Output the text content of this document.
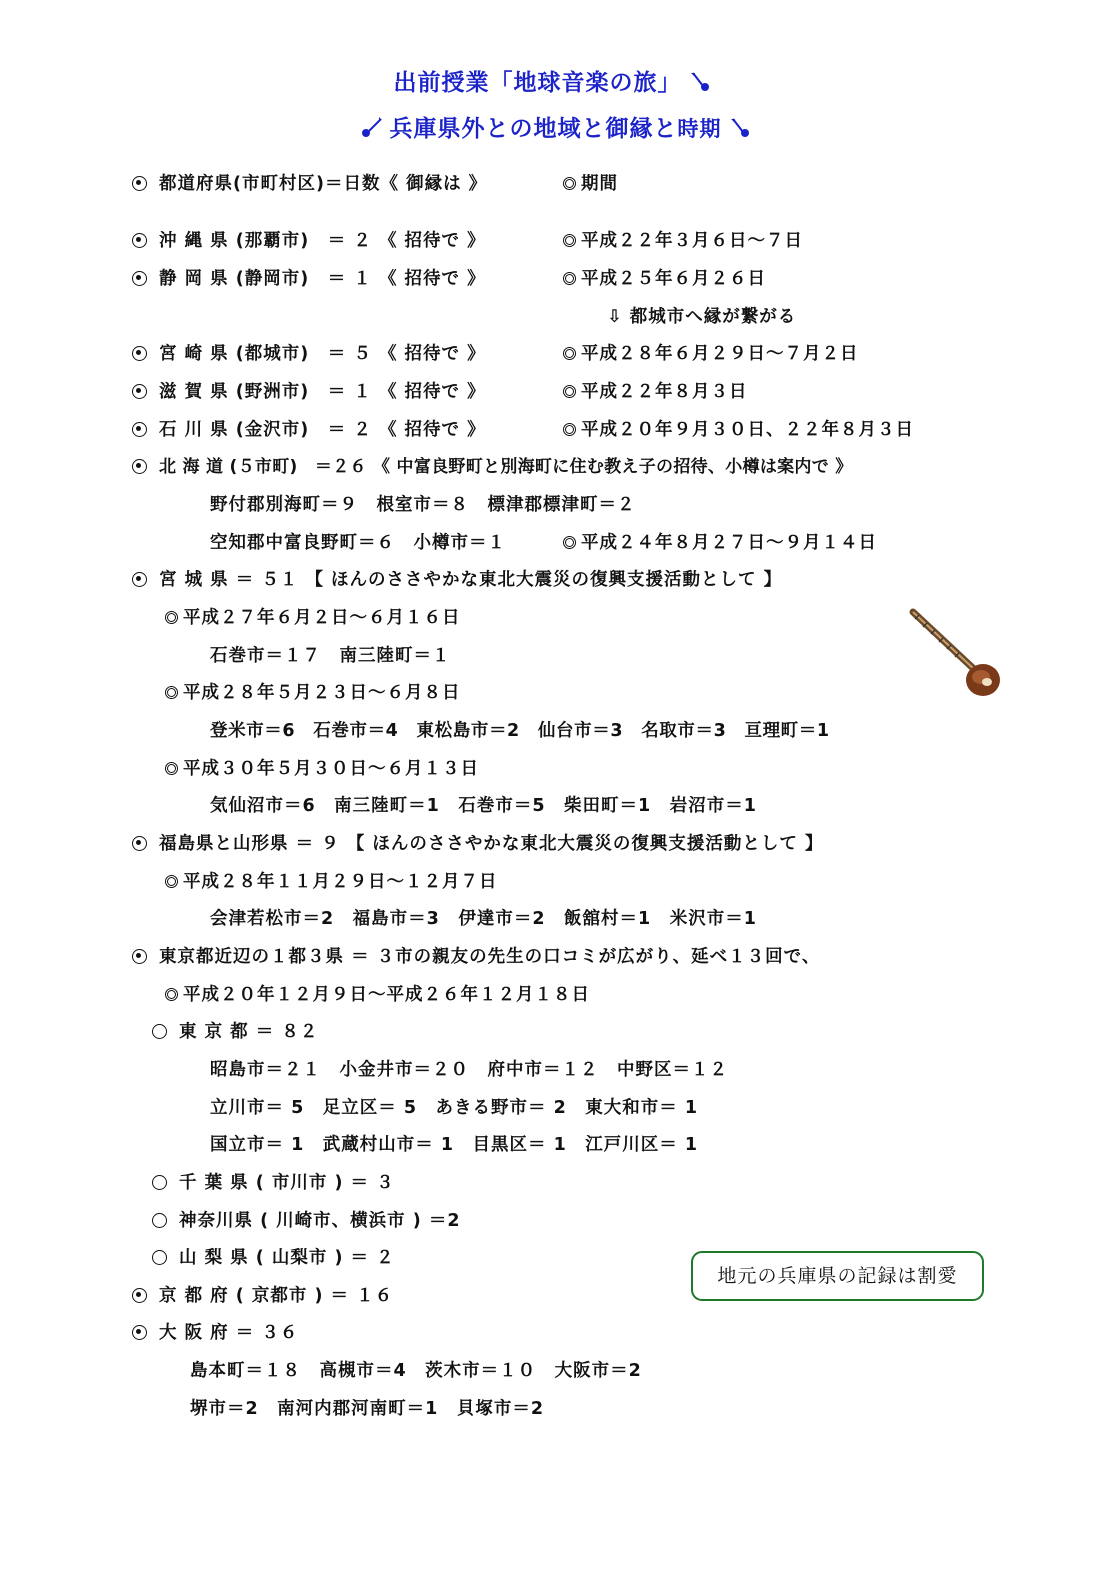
出前授業「地球音楽の旅」
兵庫県外との地域と御縁と時期
都道府県(市町村区)＝日数《 御縁は 》	期間
沖 縄 県 (那覇市)　＝ ２ 《 招待で 》	平成２２年３月６日～７日
静 岡 県 (静岡市)　＝ １ 《 招待で 》	平成２５年６月２６日
⇩ 都城市へ縁が繋がる
宮 崎 県 (都城市)　＝ ５ 《 招待で 》	平成２８年６月２９日～７月２日
滋 賀 県 (野洲市)　＝ １ 《 招待で 》	平成２２年８月３日
石 川 県 (金沢市)　＝ ２ 《 招待で 》	平成２０年９月３０日、２２年８月３日
北 海 道 (５市町)　＝２６ 《 中富良野町と別海町に住む教え子の招待、小樽は案内で 》
野付郡別海町＝９　根室市＝８　標津郡標津町＝２
空知郡中富良野町＝６　小樽市＝１	平成２４年８月２７日～９月１４日
宮 城 県 ＝ ５１ 【 ほんのささやかな東北大震災の復興支援活動として 】
平成２７年６月２日～６月１６日
石巻市＝１７　南三陸町＝１
平成２８年５月２３日～６月８日
登米市＝6　石巻市＝4　東松島市＝2　仙台市＝3　名取市＝3　亘理町＝1
平成３０年５月３０日～６月１３日
気仙沼市＝6　南三陸町＝1　石巻市＝5　柴田町＝1　岩沼市＝1
福島県と山形県 ＝ ９ 【 ほんのささやかな東北大震災の復興支援活動として 】
平成２８年１１月２９日～１２月７日
会津若松市＝2　福島市＝3　伊達市＝2　飯舘村＝1　米沢市＝1
東京都近辺の１都３県 ＝ ３市の親友の先生の口コミが広がり、延べ１３回で、
平成２０年１２月９日～平成２６年１２月１８日
東 京 都 ＝ ８２
昭島市＝２１　小金井市＝２０　府中市＝１２　中野区＝１２
立川市＝ 5　足立区＝ 5　あきる野市＝ 2　東大和市＝ 1
国立市＝ 1　武蔵村山市＝ 1　目黒区＝ 1　江戸川区＝ 1
千 葉 県 ( 市川市 ) ＝ ３
神奈川県 ( 川崎市、横浜市 ) ＝2
山 梨 県 ( 山梨市 ) ＝ ２
京 都 府 ( 京都市 ) ＝ １６
大 阪 府 ＝ ３６
島本町＝１８　高槻市＝4　茨木市＝１０　大阪市＝2
堺市＝2　南河内郡河南町＝1　貝塚市＝2
地元の兵庫県の記録は割愛
